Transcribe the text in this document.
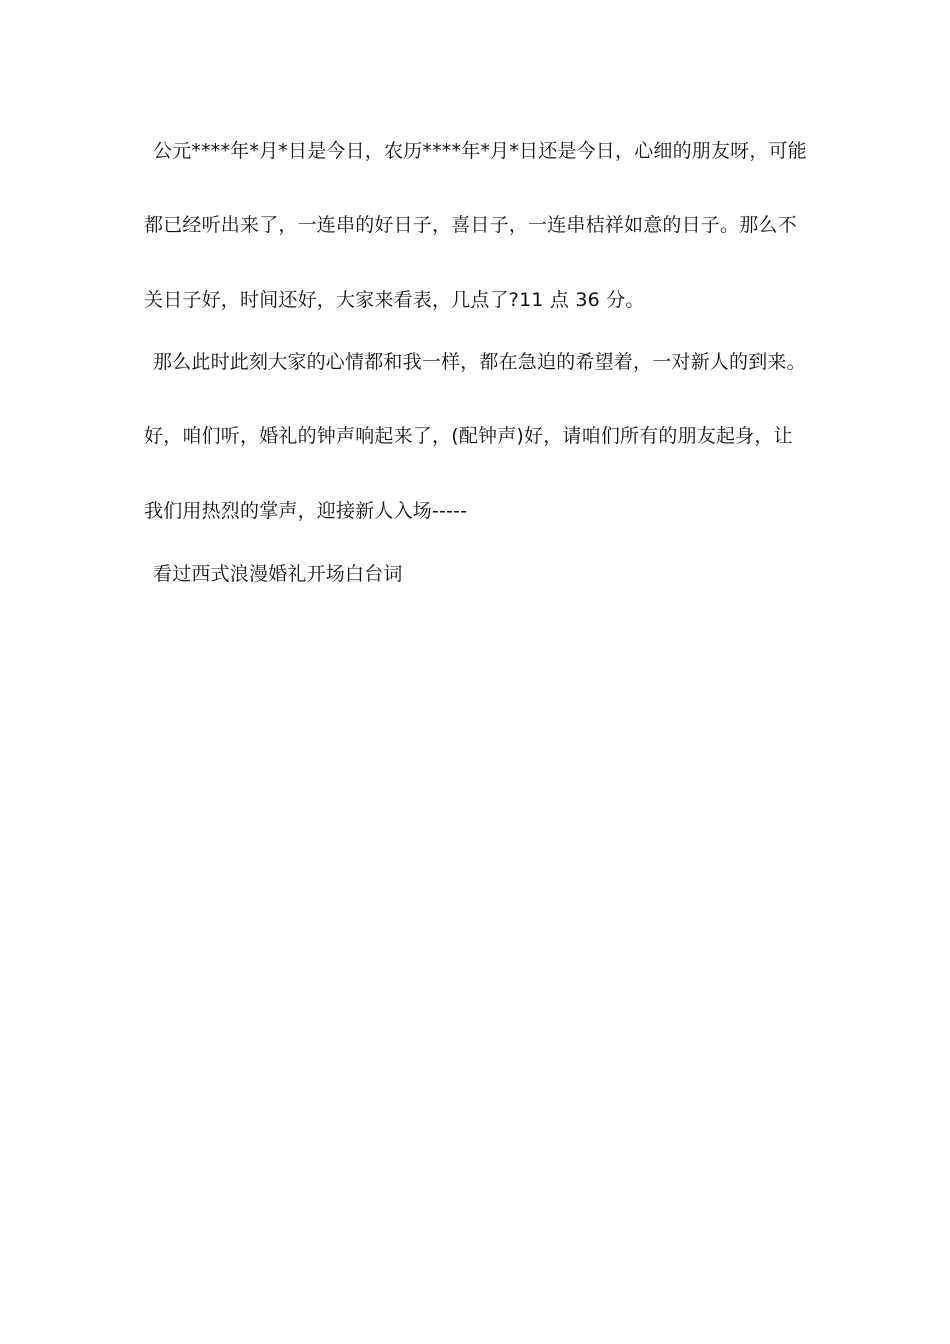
公元****年*月*日是今日，农历****年*月*日还是今日，心细的朋友呀，可能
都已经听出来了，一连串的好日子，喜日子，一连串桔祥如意的日子。那么不
关日子好，时间还好，大家来看表，几点了?11 点 36 分。
那么此时此刻大家的心情都和我一样，都在急迫的希望着，一对新人的到来。
好，咱们听，婚礼的钟声响起来了，(配钟声)好，请咱们所有的朋友起身，让
我们用热烈的掌声，迎接新人入场-----
看过西式浪漫婚礼开场白台词
